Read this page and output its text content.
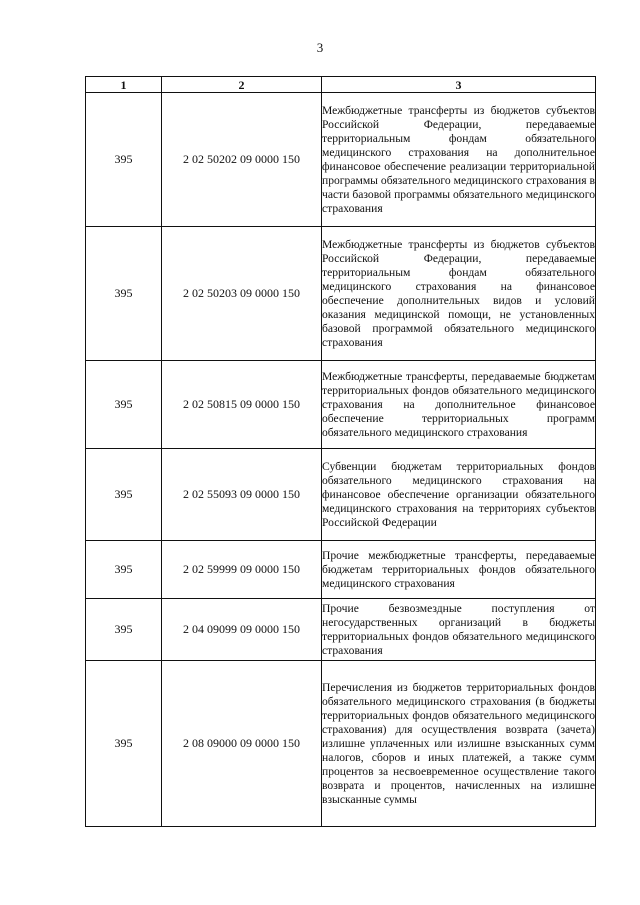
3
1	2	3
395	2 02 50202 09 0000 150	Межбюджетные трансферты из бюджетов субъектов Российской Федерации, передаваемые территориальным фондам обязательного медицинского страхования на дополнительное финансовое обеспечение реализации территориальной программы обязательного медицинского страхования в части базовой программы обязательного медицинского страхования
395	2 02 50203 09 0000 150	Межбюджетные трансферты из бюджетов субъектов Российской Федерации, передаваемые территориальным фондам обязательного медицинского страхования на финансовое обеспечение дополнительных видов и условий оказания медицинской помощи, не установленных базовой программой обязательного медицинского страхования
395	2 02 50815 09 0000 150	Межбюджетные трансферты, передаваемые бюджетам территориальных фондов обязательного медицинского страхования на дополнительное финансовое обеспечение территориальных программ обязательного медицинского страхования
395	2 02 55093 09 0000 150	Субвенции бюджетам территориальных фондов обязательного медицинского страхования на финансовое обеспечение организации обязательного медицинского страхования на территориях субъектов Российской Федерации
395	2 02 59999 09 0000 150	Прочие межбюджетные трансферты, передаваемые бюджетам территориальных фондов обязательного медицинского страхования
395	2 04 09099 09 0000 150	Прочие безвозмездные поступления от негосударственных организаций в бюджеты территориальных фондов обязательного медицинского страхования
395	2 08 09000 09 0000 150	Перечисления из бюджетов территориальных фондов обязательного медицинского страхования (в бюджеты территориальных фондов обязательного медицинского страхования) для осуществления возврата (зачета) излишне уплаченных или излишне взысканных сумм налогов, сборов и иных платежей, а также сумм процентов за несвоевременное осуществление такого возврата и процентов, начисленных на излишне взысканные суммы
